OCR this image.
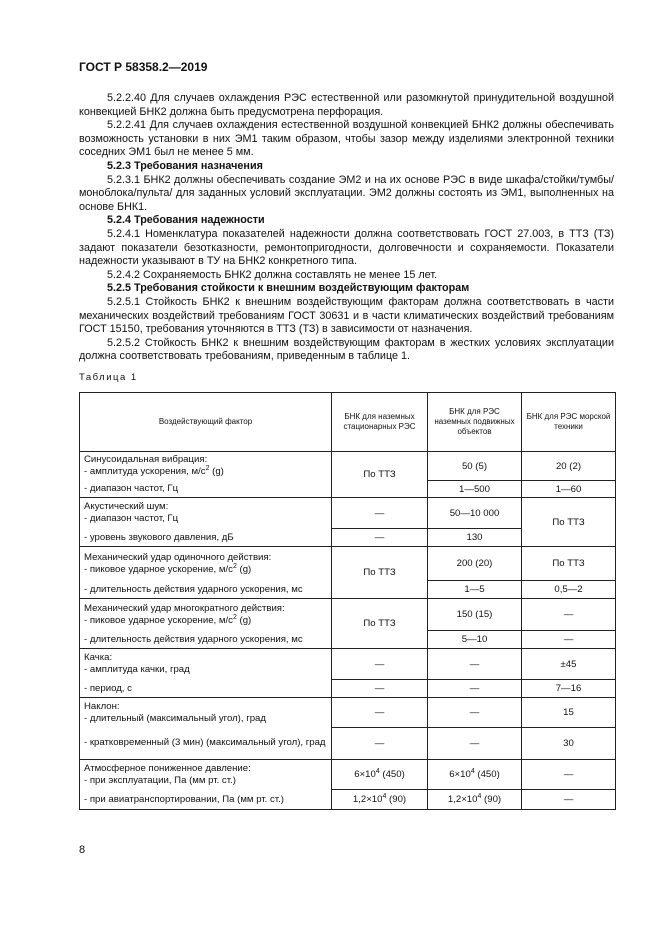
ГОСТ Р 58358.2—2019

5.2.2.40 Для случаев охлаждения РЭС естественной или разомкнутой принудительной воздушной конвекцией БНК2 должна быть предусмотрена перфорация.

5.2.2.41 Для случаев охлаждения естественной воздушной конвекцией БНК2 должны обеспечивать возможность установки в них ЭМ1 таким образом, чтобы зазор между изделиями электронной техники соседних ЭМ1 был не менее 5 мм.

5.2.3 Требования назначения

5.2.3.1 БНК2 должны обеспечивать создание ЭМ2 и на их основе РЭС в виде шкафа/стойки/тумбы/моноблока/пульта/ для заданных условий эксплуатации. ЭМ2 должны состоять из ЭМ1, выполненных на основе БНК1.

5.2.4 Требования надежности

5.2.4.1 Номенклатура показателей надежности должна соответствовать ГОСТ 27.003, в ТТЗ (ТЗ) задают показатели безотказности, ремонтопригодности, долговечности и сохраняемости. Показатели надежности указывают в ТУ на БНК2 конкретного типа.

5.2.4.2 Сохраняемость БНК2 должна составлять не менее 15 лет.

5.2.5 Требования стойкости к внешним воздействующим факторам

5.2.5.1 Стойкость БНК2 к внешним воздействующим факторам должна соответствовать в части механических воздействий требованиям ГОСТ 30631 и в части климатических воздействий требованиям ГОСТ 15150, требования уточняются в ТТЗ (ТЗ) в зависимости от назначения.

5.2.5.2 Стойкость БНК2 к внешним воздействующим факторам в жестких условиях эксплуатации должна соответствовать требованиям, приведенным в таблице 1.

Таблица 1
Воздействующий фактор	БНК для наземных стационарных РЭС	БНК для РЭС наземных подвижных объектов	БНК для РЭС морской техники

Синусоидальная вибрация:
- амплитуда ускорения, $м/с^2$ (g)	По ТТЗ	50 (5)	20 (2)
- диапазон частот, Гц		1—500	1—60

Акустический шум:
- диапазон частот, Гц	—	50—10 000	По ТТЗ
- уровень звукового давления, дБ	—	130	

Механический удар одиночного действия:
- пиковое ударное ускорение, $м/с^2$ (g)	По ТТЗ	200 (20)	По ТТЗ
- длительность действия ударного ускорения, мс		1—5	0,5—2

Механический удар многократного действия:
- пиковое ударное ускорение, $м/с^2$ (g)	По ТТЗ	150 (15)	—
- длительность действия ударного ускорения, мс		5—10	—

Качка:
- амплитуда качки, град	—	—	±45
- период, с	—	—	7—16

Наклон:
- длительный (максимальный угол), град	—	—	15
- кратковременный (3 мин) (максимальный угол), град	—	—	30

Атмосферное пониженное давление:
- при эксплуатации, Па (мм рт. ст.)	$6\times 10^4$ (450)	$6\times 10^4$ (450)	—
- при авиатранспортировании, Па (мм рт. ст.)	$1,2\times 10^4$ (90)	$1,2\times 10^4$ (90)	—
8
